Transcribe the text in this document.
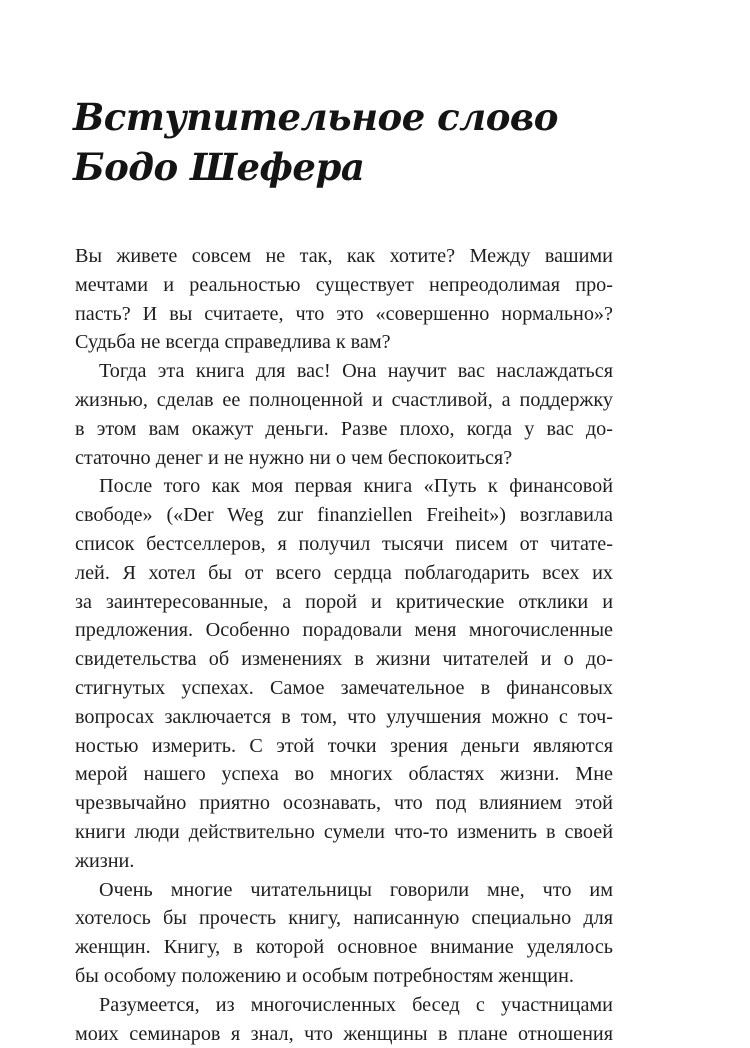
Вступительное слово
Бодо Шефера
Вы живете совсем не так, как хотите? Между вашими
мечтами и реальностью существует непреодолимая про-
пасть? И вы считаете, что это «совершенно нормально»?
Судьба не всегда справедлива к вам?
Тогда эта книга для вас! Она научит вас наслаждаться
жизнью, сделав ее полноценной и счастливой, а поддержку
в этом вам окажут деньги. Разве плохо, когда у вас до-
статочно денег и не нужно ни о чем беспокоиться?
После того как моя первая книга «Путь к финансовой
свободе» («Der Weg zur finanziellen Freiheit») возглавила
список бестселлеров, я получил тысячи писем от читате-
лей. Я хотел бы от всего сердца поблагодарить всех их
за заинтересованные, а порой и критические отклики и
предложения. Особенно порадовали меня многочисленные
свидетельства об изменениях в жизни читателей и о до-
стигнутых успехах. Самое замечательное в финансовых
вопросах заключается в том, что улучшения можно с точ-
ностью измерить. С этой точки зрения деньги являются
мерой нашего успеха во многих областях жизни. Мне
чрезвычайно приятно осознавать, что под влиянием этой
книги люди действительно сумели что-то изменить в своей
жизни.
Очень многие читательницы говорили мне, что им
хотелось бы прочесть книгу, написанную специально для
женщин. Книгу, в которой основное внимание уделялось
бы особому положению и особым потребностям женщин.
Разумеется, из многочисленных бесед с участницами
моих семинаров я знал, что женщины в плане отношения
